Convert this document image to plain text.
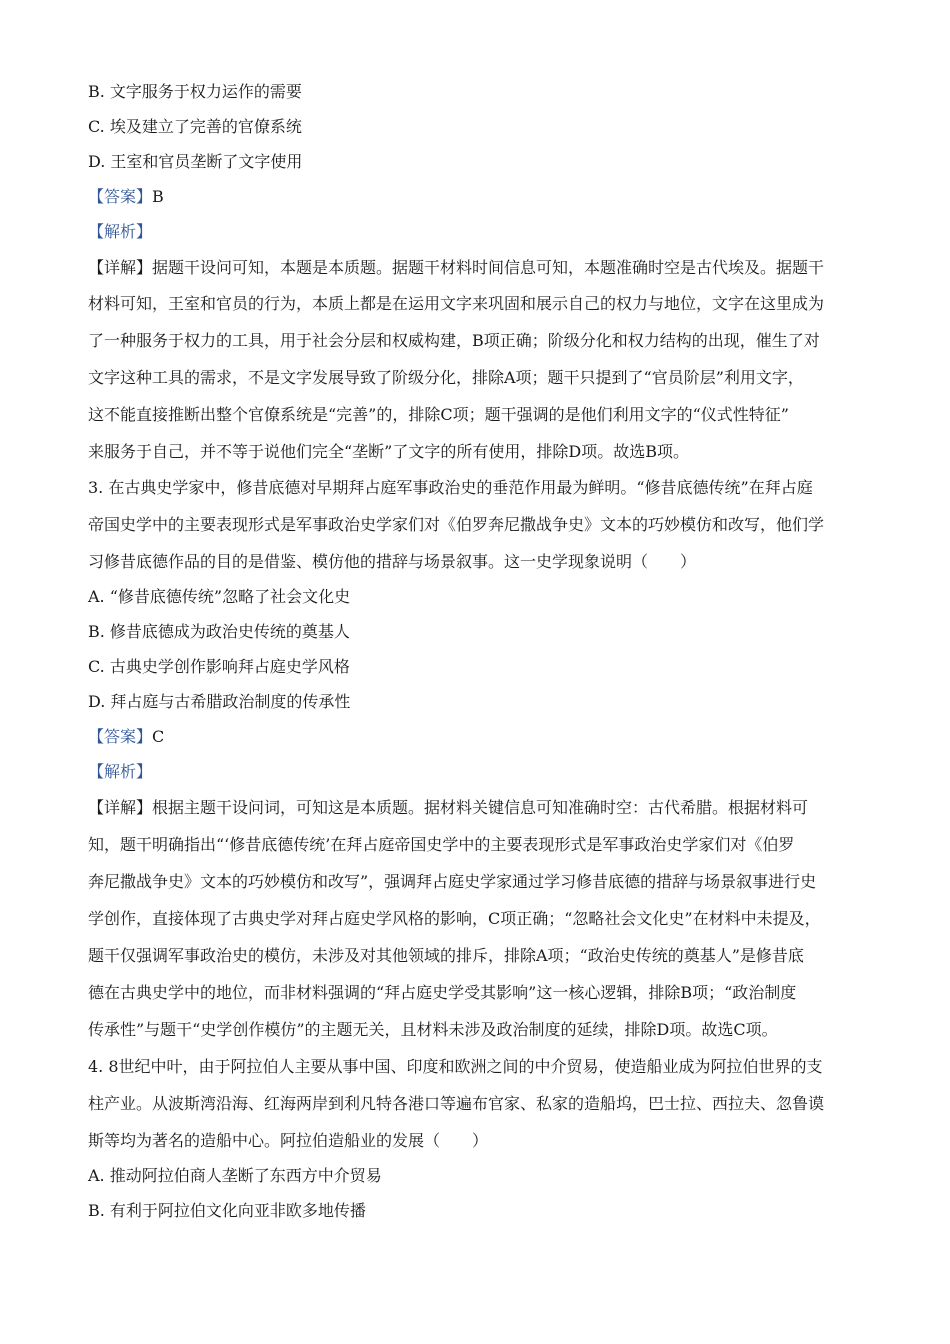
B. 文字服务于权力运作的需要
C. 埃及建立了完善的官僚系统
D. 王室和官员垄断了文字使用
【答案】B
【解析】
【详解】据题干设问可知，本题是本质题。据题干材料时间信息可知，本题准确时空是古代埃及。据题干
材料可知，王室和官员的行为，本质上都是在运用文字来巩固和展示自己的权力与地位，文字在这里成为
了一种服务于权力的工具，用于社会分层和权威构建，B项正确；阶级分化和权力结构的出现，催生了对
文字这种工具的需求，不是文字发展导致了阶级分化，排除A项；题干只提到了“官员阶层”利用文字，
这不能直接推断出整个官僚系统是“完善”的，排除C项；题干强调的是他们利用文字的“仪式性特征”
来服务于自己，并不等于说他们完全“垄断”了文字的所有使用，排除D项。故选B项。
3. 在古典史学家中，修昔底德对早期拜占庭军事政治史的垂范作用最为鲜明。“修昔底德传统”在拜占庭
帝国史学中的主要表现形式是军事政治史学家们对《伯罗奔尼撒战争史》文本的巧妙模仿和改写，他们学
习修昔底德作品的目的是借鉴、模仿他的措辞与场景叙事。这一史学现象说明（　　）
A. “修昔底德传统”忽略了社会文化史
B. 修昔底德成为政治史传统的奠基人
C. 古典史学创作影响拜占庭史学风格
D. 拜占庭与古希腊政治制度的传承性
【答案】C
【解析】
【详解】根据主题干设问词，可知这是本质题。据材料关键信息可知准确时空：古代希腊。根据材料可
知，题干明确指出“‘修昔底德传统’在拜占庭帝国史学中的主要表现形式是军事政治史学家们对《伯罗
奔尼撒战争史》文本的巧妙模仿和改写”，强调拜占庭史学家通过学习修昔底德的措辞与场景叙事进行史
学创作，直接体现了古典史学对拜占庭史学风格的影响，C项正确；“忽略社会文化史”在材料中未提及，
题干仅强调军事政治史的模仿，未涉及对其他领域的排斥，排除A项；“政治史传统的奠基人”是修昔底
德在古典史学中的地位，而非材料强调的“拜占庭史学受其影响”这一核心逻辑，排除B项；“政治制度
传承性”与题干“史学创作模仿”的主题无关，且材料未涉及政治制度的延续，排除D项。故选C项。
4. 8世纪中叶，由于阿拉伯人主要从事中国、印度和欧洲之间的中介贸易，使造船业成为阿拉伯世界的支
柱产业。从波斯湾沿海、红海两岸到利凡特各港口等遍布官家、私家的造船坞，巴士拉、西拉夫、忽鲁谟
斯等均为著名的造船中心。阿拉伯造船业的发展（　　）
A. 推动阿拉伯商人垄断了东西方中介贸易
B. 有利于阿拉伯文化向亚非欧多地传播
